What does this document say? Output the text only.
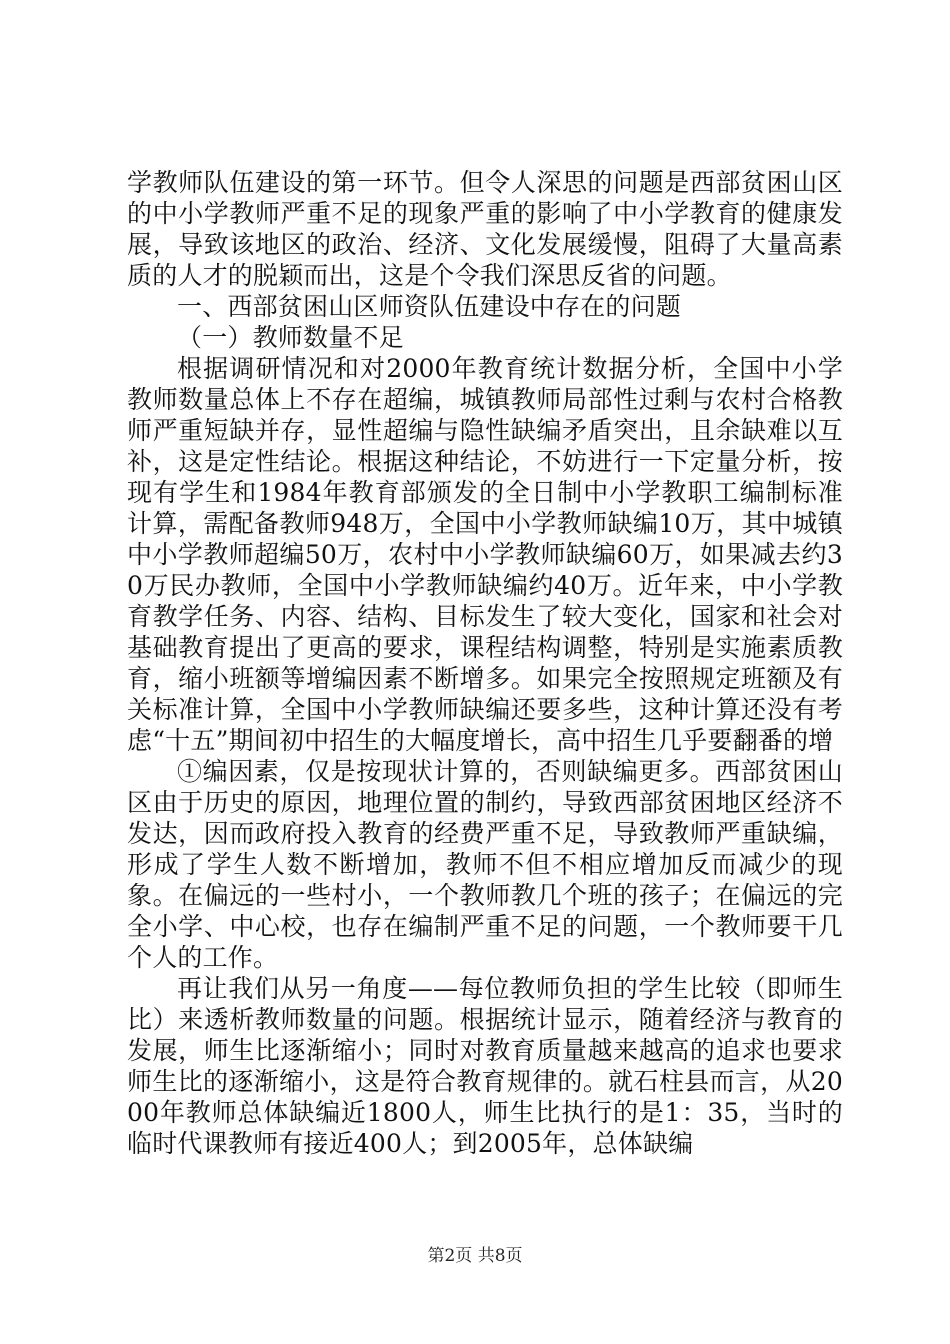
学教师队伍建设的第一环节。但令人深思的问题是西部贫困山区的中小学教师严重不足的现象严重的影响了中小学教育的健康发展，导致该地区的政治、经济、文化发展缓慢，阻碍了大量高素质的人才的脱颖而出，这是个令我们深思反省的问题。

一、西部贫困山区师资队伍建设中存在的问题

（一）教师数量不足

根据调研情况和对2000年教育统计数据分析，全国中小学教师数量总体上不存在超编，城镇教师局部性过剩与农村合格教师严重短缺并存，显性超编与隐性缺编矛盾突出，且余缺难以互补，这是定性结论。根据这种结论，不妨进行一下定量分析，按现有学生和1984年教育部颁发的全日制中小学教职工编制标准计算，需配备教师948万，全国中小学教师缺编10万，其中城镇中小学教师超编50万，农村中小学教师缺编60万，如果减去约30万民办教师，全国中小学教师缺编约40万。近年来，中小学教育教学任务、内容、结构、目标发生了较大变化，国家和社会对基础教育提出了更高的要求，课程结构调整，特别是实施素质教育，缩小班额等增编因素不断增多。如果完全按照规定班额及有关标准计算，全国中小学教师缺编还要多些，这种计算还没有考虑“十五”期间初中招生的大幅度增长，高中招生几乎要翻番的增

①编因素，仅是按现状计算的，否则缺编更多。西部贫困山区由于历史的原因，地理位置的制约，导致西部贫困地区经济不发达，因而政府投入教育的经费严重不足，导致教师严重缺编，形成了学生人数不断增加，教师不但不相应增加反而减少的现象。在偏远的一些村小，一个教师教几个班的孩子；在偏远的完全小学、中心校，也存在编制严重不足的问题，一个教师要干几个人的工作。

再让我们从另一角度——每位教师负担的学生比较（即师生比）来透析教师数量的问题。根据统计显示，随着经济与教育的发展，师生比逐渐缩小；同时对教育质量越来越高的追求也要求师生比的逐渐缩小，这是符合教育规律的。就石柱县而言，从2000年教师总体缺编近1800人，师生比执行的是1：35，当时的临时代课教师有接近400人；到2005年，总体缺编

第2页 共8页
